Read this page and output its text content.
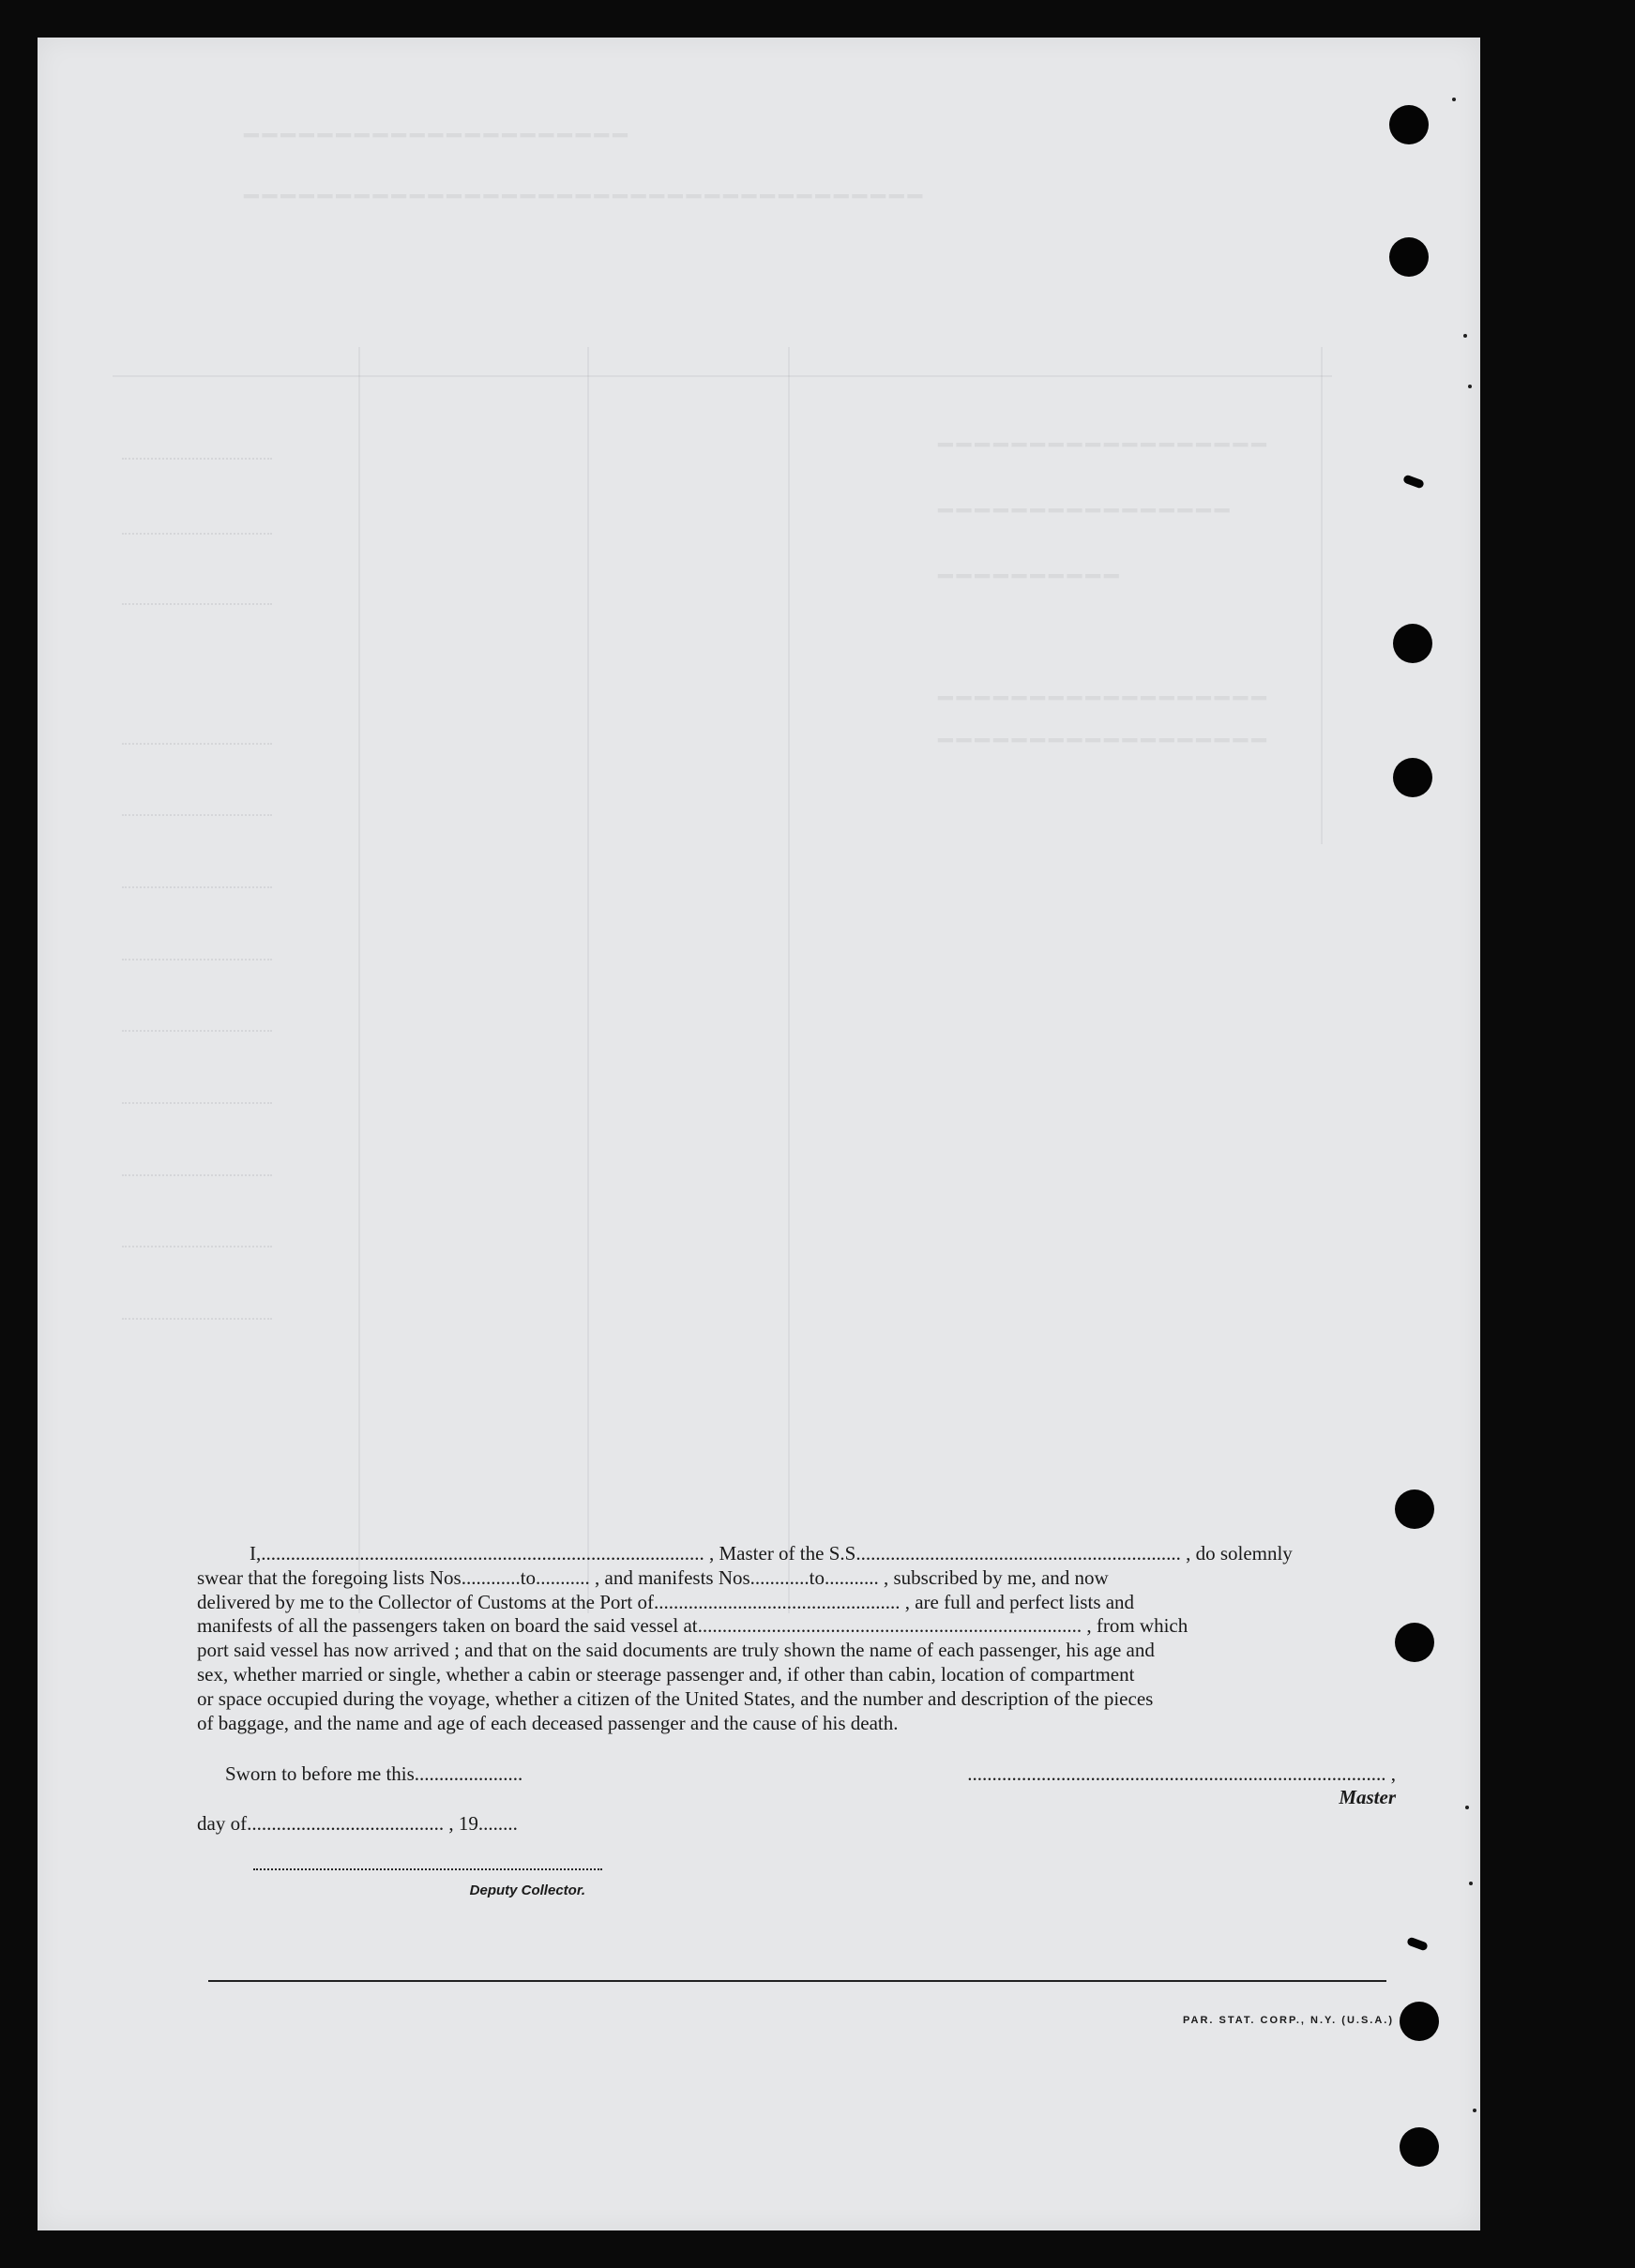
━━━━━━━━━━━━━━━━━━━━━
━━━━━━━━━━━━━━━━━━━━━━━━━━━━━━━━━━━━━
━━━━━━━━━━━━━━━━━━
━━━━━━━━━━━━━━━━
━━━━━━━━━━
━━━━━━━━━━━━━━━━━━
━━━━━━━━━━━━━━━━━━

I,.......................................................................................... , Master of the S.S.................................................................. , do solemnly

swear that the foregoing lists Nos............to........... , and manifests Nos............to........... , subscribed by me, and now

delivered by me to the Collector of Customs at the Port of.................................................. , are full and perfect lists and

manifests of all the passengers taken on board the said vessel at.............................................................................. , from which

port said vessel has now arrived ; and that on the said documents are truly shown the name of each passenger, his age and

sex, whether married or single, whether a cabin or steerage passenger and, if other than cabin, location of compartment

or space occupied during the voyage, whether a citizen of the United States, and the number and description of the pieces

of baggage, and the name and age of each deceased passenger and the cause of his death.

Sworn to before me this......................	..................................................................................... , Master
day of........................................ , 19........
Deputy Collector.
PAR. STAT. CORP., N.Y. (U.S.A.)
